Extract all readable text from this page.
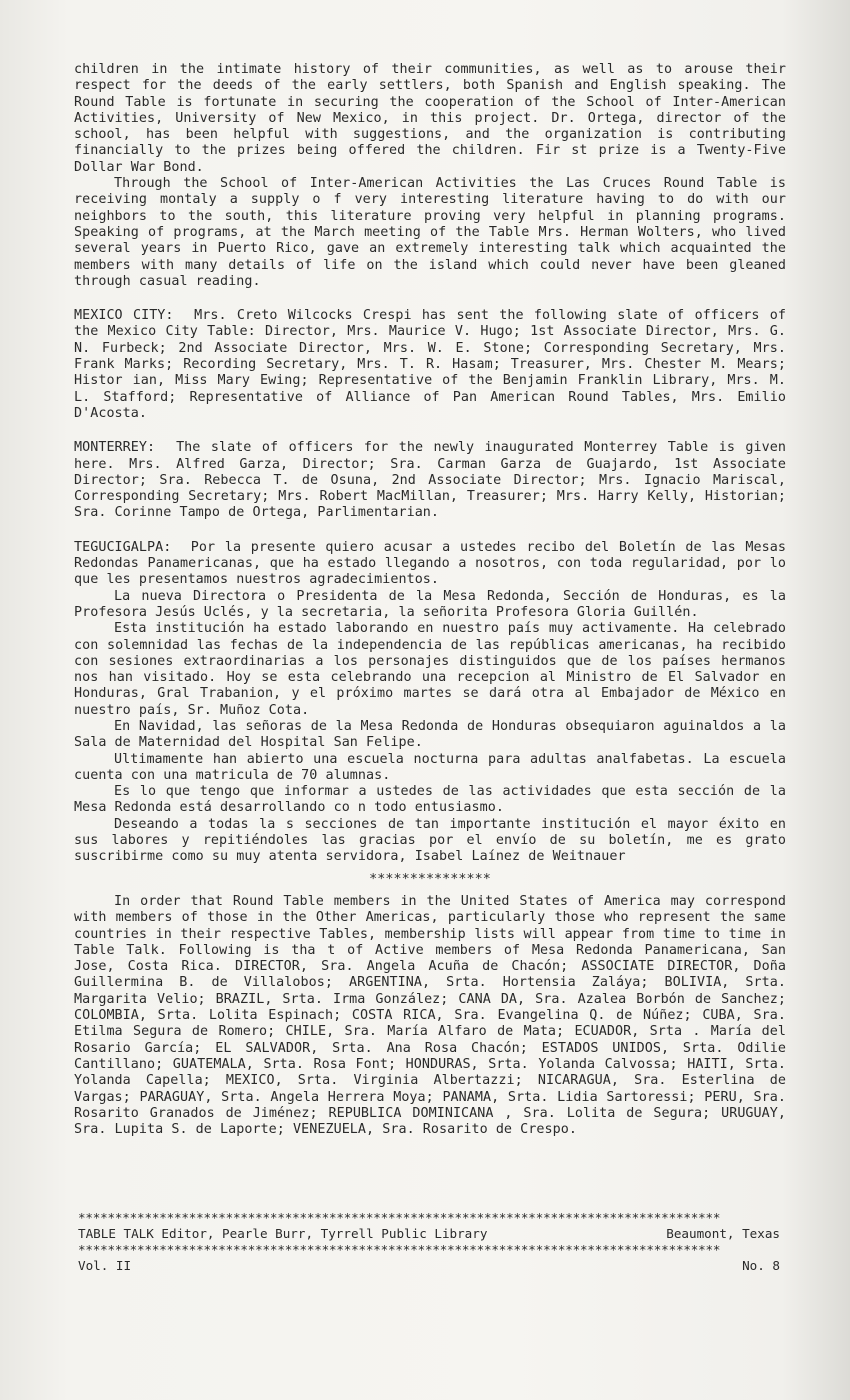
children in the intimate history of their communities, as well as to arouse their respect for the deeds of the early settlers, both Spanish and English speaking. The Round Table is fortunate in securing the cooperation of the School of Inter-American Activities, University of New Mexico, in this project. Dr. Ortega, director of the school, has been helpful with suggestions, and the organization is contributing financially to the prizes being offered the children. Fir st prize is a Twenty-Five Dollar War Bond.

Through the School of Inter-American Activities the Las Cruces Round Table is receiving montaly a supply o f very interesting literature having to do with our neighbors to the south, this literature proving very helpful in planning programs. Speaking of programs, at the March meeting of the Table Mrs. Herman Wolters, who lived several years in Puerto Rico, gave an extremely interesting talk which acquainted the members with many details of life on the island which could never have been gleaned through casual reading.

MEXICO CITY: Mrs. Creto Wilcocks Crespi has sent the following slate of officers of the Mexico City Table: Director, Mrs. Maurice V. Hugo; 1st Associate Director, Mrs. G. N. Furbeck; 2nd Associate Director, Mrs. W. E. Stone; Corresponding Secretary, Mrs. Frank Marks; Recording Secretary, Mrs. T. R. Hasam; Treasurer, Mrs. Chester M. Mears; Histor ian, Miss Mary Ewing; Representative of the Benjamin Franklin Library, Mrs. M. L. Stafford; Representative of Alliance of Pan American Round Tables, Mrs. Emilio D'Acosta.

MONTERREY: The slate of officers for the newly inaugurated Monterrey Table is given here. Mrs. Alfred Garza, Director; Sra. Carman Garza de Guajardo, 1st Associate Director; Sra. Rebecca T. de Osuna, 2nd Associate Director; Mrs. Ignacio Mariscal, Corresponding Secretary; Mrs. Robert MacMillan, Treasurer; Mrs. Harry Kelly, Historian; Sra. Corinne Tampo de Ortega, Parlimentarian.

TEGUCIGALPA: Por la presente quiero acusar a ustedes recibo del Boletín de las Mesas Redondas Panamericanas, que ha estado llegando a nosotros, con toda regularidad, por lo que les presentamos nuestros agradecimientos.

La nueva Directora o Presidenta de la Mesa Redonda, Sección de Honduras, es la Profesora Jesús Uclés, y la secretaria, la señorita Profesora Gloria Guillén.

Esta institución ha estado laborando en nuestro país muy activamente. Ha celebrado con solemnidad las fechas de la independencia de las repúblicas americanas, ha recibido con sesiones extraordinarias a los personajes distinguidos que de los países hermanos nos han visitado. Hoy se esta celebrando una recepcion al Ministro de El Salvador en Honduras, Gral Trabanion, y el próximo martes se dará otra al Embajador de México en nuestro país, Sr. Muñoz Cota.

En Navidad, las señoras de la Mesa Redonda de Honduras obsequiaron aguinaldos a la Sala de Maternidad del Hospital San Felipe.

Ultimamente han abierto una escuela nocturna para adultas analfabetas. La escuela cuenta con una matricula de 70 alumnas.

Es lo que tengo que informar a ustedes de las actividades que esta sección de la Mesa Redonda está desarrollando co n todo entusiasmo.

Deseando a todas la s secciones de tan importante institución el mayor éxito en sus labores y repitiéndoles las gracias por el envío de su boletín, me es grato suscribirme como su muy atenta servidora, Isabel Laínez de Weitnauer

***************

In order that Round Table members in the United States of America may correspond with members of those in the Other Americas, particularly those who represent the same countries in their respective Tables, membership lists will appear from time to time in Table Talk. Following is tha t of Active members of Mesa Redonda Panamericana, San Jose, Costa Rica. DIRECTOR, Sra. Angela Acuña de Chacón; ASSOCIATE DIRECTOR, Doña Guillermina B. de Villalobos; ARGENTINA, Srta. Hortensia Zaláya; BOLIVIA, Srta. Margarita Velio; BRAZIL, Srta. Irma González; CANA DA, Sra. Azalea Borbón de Sanchez; COLOMBIA, Srta. Lolita Espinach; COSTA RICA, Sra. Evangelina Q. de Núñez; CUBA, Sra. Etilma Segura de Romero; CHILE, Sra. María Alfaro de Mata; ECUADOR, Srta . María del Rosario García; EL SALVADOR, Srta. Ana Rosa Chacón; ESTADOS UNIDOS, Srta. Odilie Cantillano; GUATEMALA, Srta. Rosa Font; HONDURAS, Srta. Yolanda Calvossa; HAITI, Srta. Yolanda Capella; MEXICO, Srta. Virginia Albertazzi; NICARAGUA, Sra. Esterlina de Vargas; PARAGUAY, Srta. Angela Herrera Moya; PANAMA, Srta. Lidia Sartoressi; PERU, Sra. Rosarito Granados de Jiménez; REPUBLICA DOMINICANA , Sra. Lolita de Segura; URUGUAY, Sra. Lupita S. de Laporte; VENEZUELA, Sra. Rosarito de Crespo.

***************************************************************************************
TABLE TALK Editor, Pearle Burr, Tyrrell Public Library	Beaumont, Texas
***************************************************************************************
Vol. II	No. 8
